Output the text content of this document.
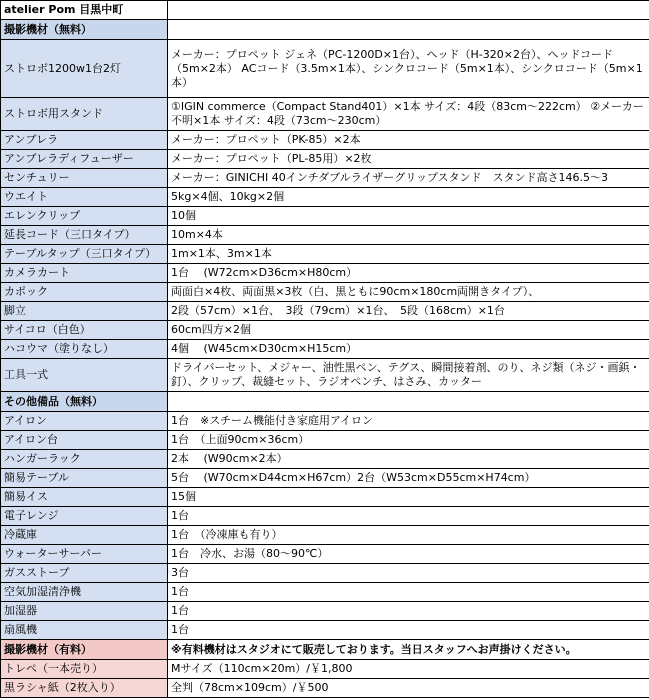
atelier Pom 目黒中町	
撮影機材（無料）	
ストロボ1200w1台2灯	メーカー：プロペット ジェネ（PC-1200D×1台）、ヘッド（H-320×2台）、ヘッドコード（5m×2本） ACコード（3.5m×1本）、シンクロコード（5m×1本）、シンクロコード（5m×1本）
ストロボ用スタンド	①IGIN commerce（Compact Stand401）×1本 サイズ：4段（83cm〜222cm） ②メーカー不明×1本 サイズ：4段（73cm〜230cm）
アンブレラ	メーカー：プロペット（PK-85）×2本
アンブレラディフューザー	メーカー：プロペット（PL-85用）×2枚
センチュリー	メーカー：GINICHI 40インチダブルライザーグリップスタンド　スタンド高さ146.5〜3
ウエイト	5kg×4個、10kg×2個
エレンクリップ	10個
延長コード（三口タイプ）	10m×4本
テーブルタップ（三口タイプ）	1m×1本、3m×1本
カメラカート	1台　 (W72cm×D36cm×H80cm）
カポック	両面白×4枚、両面黒×3枚（白、黒ともに90cm×180cm両開きタイプ）、
脚立	2段（57cm）×1台、　3段（79cm）×1台、　5段（168cm）×1台
サイコロ（白色）	60cm四方×2個
ハコウマ（塗りなし）	4個　 (W45cm×D30cm×H15cm）
工具一式	ドライバーセット、メジャー、油性黒ペン、テグス、瞬間接着剤、のり、ネジ類（ネジ・画鋲・釘）、クリップ、裁縫セット、ラジオペンチ、はさみ、カッター
その他備品（無料）	
アイロン	1台　※スチーム機能付き家庭用アイロン
アイロン台	1台　（上面90cm×36cm）
ハンガーラック	2本　 (W90cm×2本）
簡易テーブル	5台　 (W70cm×D44cm×H67cm）2台（W53cm×D55cm×H74cm）
簡易イス	15個
電子レンジ	1台
冷蔵庫	1台　（冷凍庫も有り）
ウォーターサーバー	1台　冷水、お湯（80〜90℃）
ガスストーブ	3台
空気加湿清浄機	1台
加湿器	1台
扇風機	1台
撮影機材（有料）	※有料機材はスタジオにて販売しております。当日スタッフへお声掛けください。
トレペ（一本売り）	Mサイズ（110cm×20m）/￥1,800
黒ラシャ紙（2枚入り）	全判（78cm×109cm）/￥500
